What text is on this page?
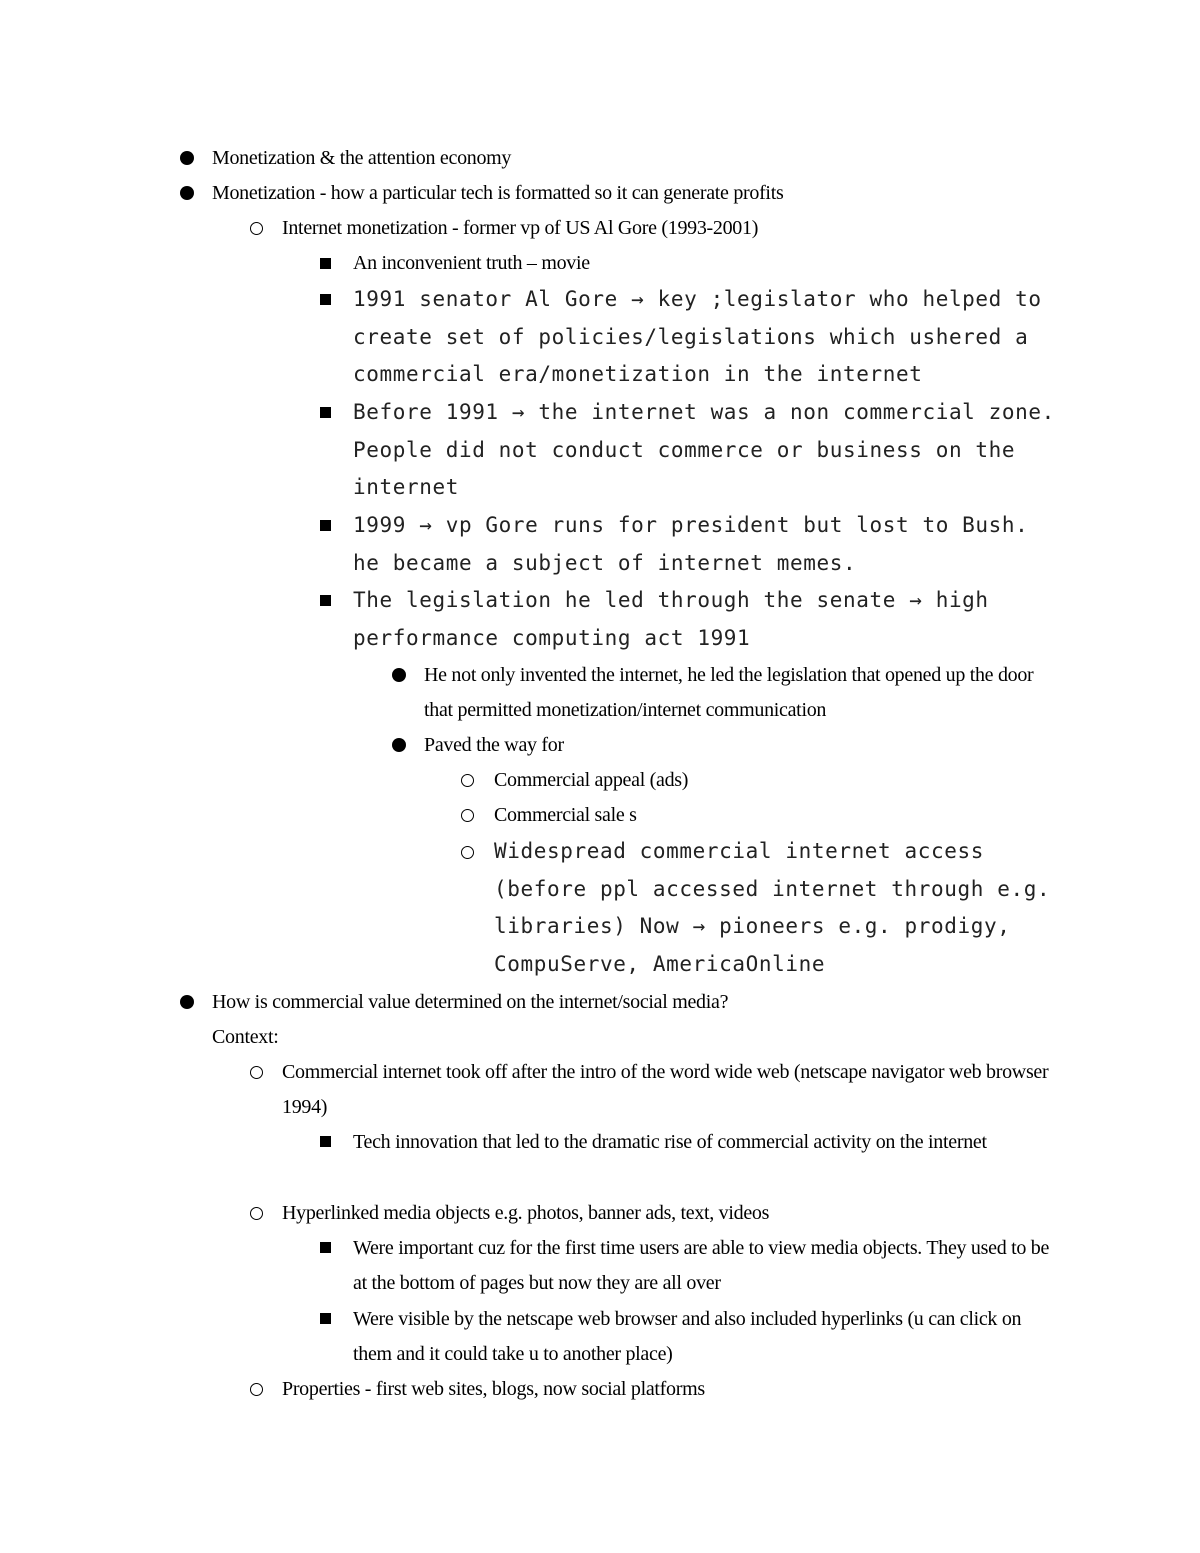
Monetization & the attention economy
Monetization - how a particular tech is formatted so it can generate profits
Internet monetization - former vp of US Al Gore (1993-2001)
An inconvenient truth – movie
1991 senator Al Gore → key ;legislator who helped to create set of policies/legislations which ushered a commercial era/monetization in the internet
Before 1991 → the internet was a non commercial zone. People did not conduct commerce or business on the internet
1999 → vp Gore runs for president but lost to Bush. he became a subject of internet memes.
The legislation he led through the senate → high performance computing act 1991
He not only invented the internet, he led the legislation that opened up the door that permitted monetization/internet communication
Paved the way for
Commercial appeal (ads)
Commercial sale s
Widespread commercial internet access (before ppl accessed internet through e.g. libraries) Now → pioneers e.g. prodigy, CompuServe, AmericaOnline
How is commercial value determined on the internet/social media?
Context:
Commercial internet took off after the intro of the word wide web (netscape navigator web browser 1994)
Tech innovation that led to the dramatic rise of commercial activity on the internet
Hyperlinked media objects e.g. photos, banner ads, text, videos
Were important cuz for the first time users are able to view media objects. They used to be at the bottom of pages but now they are all over
Were visible by the netscape web browser and also included hyperlinks (u can click on them and it could take u to another place)
Properties - first web sites, blogs, now social platforms
